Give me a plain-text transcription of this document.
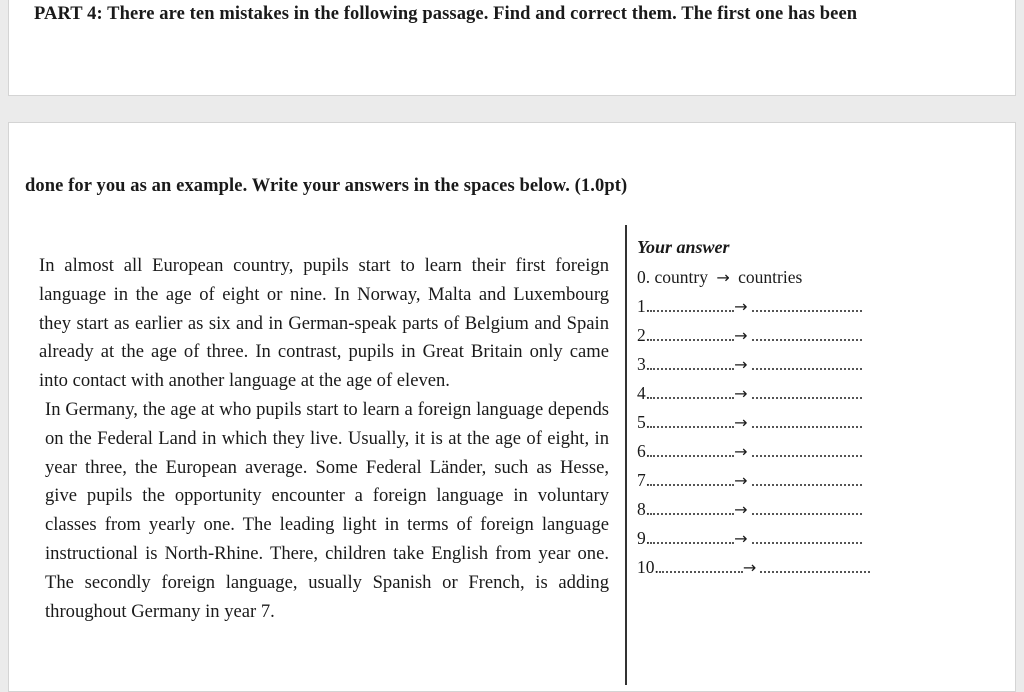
PART 4: There are ten mistakes in the following passage. Find and correct them. The first one has been
done for you as an example. Write your answers in the spaces below. (1.0pt)

In almost all European country, pupils start to learn their first foreign language in the age of eight or nine. In Norway, Malta and Luxembourg they start as earlier as six and in German-speak parts of Belgium and Spain already at the age of three. In contrast, pupils in Great Britain only came into contact with another language at the age of eleven.

In Germany, the age at who pupils start to learn a foreign language depends on the Federal Land in which they live. Usually, it is at the age of eight, in year three, the European average. Some Federal Länder, such as Hesse, give pupils the opportunity encounter a foreign language in voluntary classes from yearly one. The leading light in terms of foreign language instructional is North-Rhine. There, children take English from year one. The secondly foreign language, usually Spanish or French, is adding throughout Germany in year 7.

Your answer
0. country → countries
1.	→
2.	→
3.	→
4.	→
5.	→
6.	→
7.	→
8.	→
9.	→
10.	→
